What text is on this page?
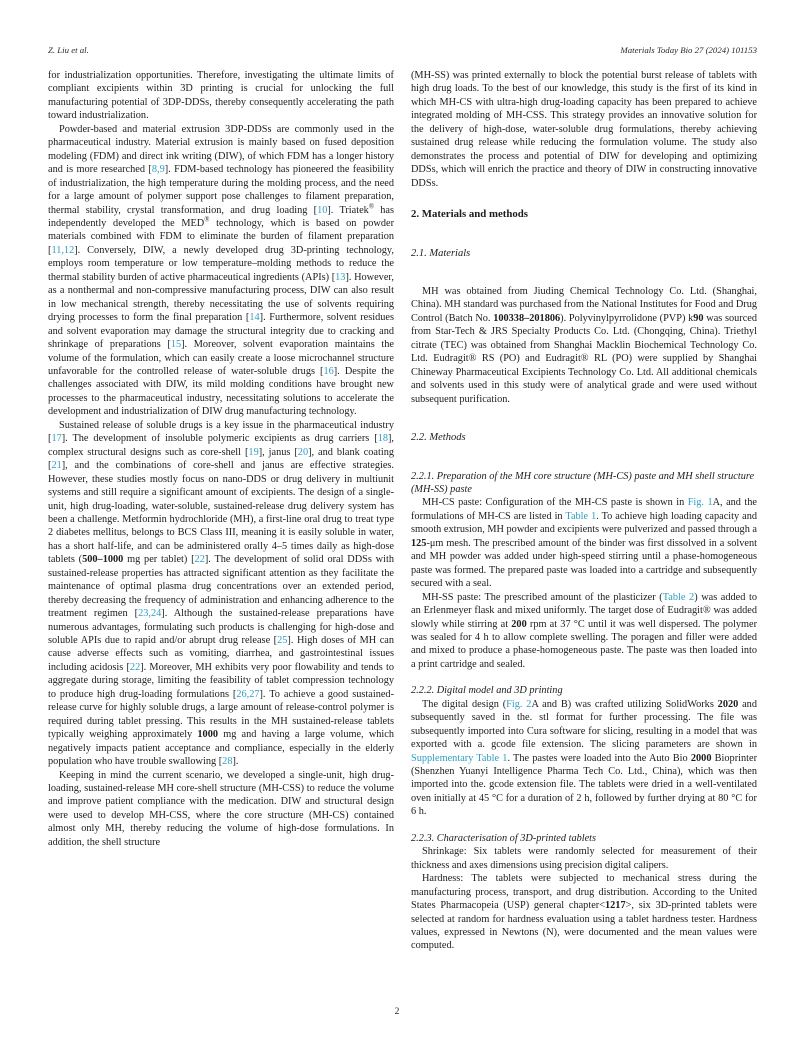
Z. Liu et al.	Materials Today Bio 27 (2024) 101153
for industrialization opportunities. Therefore, investigating the ultimate limits of compliant excipients within 3D printing is crucial for unlocking the full manufacturing potential of 3DP-DDSs, thereby consequently accelerating the path toward industrialization.
Powder-based and material extrusion 3DP-DDSs are commonly used in the pharmaceutical industry. Material extrusion is mainly based on fused deposition modeling (FDM) and direct ink writing (DIW), of which FDM has a longer history and is more researched [8,9]. FDM-based technology has pioneered the feasibility of industrialization, the high temperature during the molding process, and the need for a large amount of polymer support pose challenges to filament preparation, thermal stability, crystal transformation, and drug loading [10]. Triatek® has independently developed the MED® technology, which is based on powder materials combined with FDM to eliminate the burden of filament preparation [11,12]. Conversely, DIW, a newly developed drug 3D-printing technology, employs room temperature or low temperature–molding methods to reduce the thermal stability burden of active pharmaceutical ingredients (APIs) [13]. However, as a nonthermal and non-compressive manufacturing process, DIW can also result in low mechanical strength, thereby necessitating the use of solvents requiring drying processes to form the final preparation [14]. Furthermore, solvent residues and solvent evaporation may damage the structural integrity due to cracking and shrinkage of preparations [15]. Moreover, solvent evaporation maintains the volume of the formulation, which can easily create a loose microchannel structure unfavorable for the controlled release of water-soluble drugs [16]. Despite the challenges associated with DIW, its mild molding conditions have brought new processes to the pharmaceutical industry, necessitating solutions to accelerate the development and industrialization of DIW drug manufacturing technology.
Sustained release of soluble drugs is a key issue in the pharmaceutical industry [17]. The development of insoluble polymeric excipients as drug carriers [18], complex structural designs such as core-shell [19], janus [20], and blank coating [21], and the combinations of core-shell and janus are effective strategies. However, these studies mostly focus on nano-DDS or drug delivery in multiunit systems and still require a significant amount of excipients. The design of a single-unit, high drug-loading, water-soluble, sustained-release drug delivery system has been a challenge. Metformin hydrochloride (MH), a first-line oral drug to treat type 2 diabetes mellitus, belongs to BCS Class III, meaning it is easily soluble in water, has a short half-life, and can be administered orally 4–5 times daily as high-dose tablets (500–1000 mg per tablet) [22]. The development of solid oral DDSs with sustained-release properties has attracted significant attention as they facilitate the maintenance of optimal plasma drug concentrations over an extended period, thereby decreasing the frequency of administration and enhancing adherence to the treatment regimen [23,24]. Although the sustained-release preparations have numerous advantages, formulating such products is challenging for high-dose and soluble APIs due to rapid and/or abrupt drug release [25]. High doses of MH can cause adverse effects such as vomiting, diarrhea, and gastrointestinal issues including acidosis [22]. Moreover, MH exhibits very poor flowability and tends to aggregate during storage, limiting the feasibility of tablet compression technology to produce high drug-loading formulations [26,27]. To achieve a good sustained-release curve for highly soluble drugs, a large amount of release-control polymer is required during tablet pressing. This results in the MH sustained-release tablets typically weighing approximately 1000 mg and having a large volume, which negatively impacts patient acceptance and compliance, especially in the elderly population who have trouble swallowing [28].
Keeping in mind the current scenario, we developed a single-unit, high drug-loading, sustained-release MH core-shell structure (MH-CSS) to reduce the volume and improve patient compliance with the medication. DIW and structural design were used to develop MH-CSS, where the core structure (MH-CS) contained almost only MH, thereby reducing the volume of high-dose formulations. In addition, the shell structure
(MH-SS) was printed externally to block the potential burst release of tablets with high drug loads. To the best of our knowledge, this study is the first of its kind in which MH-CS with ultra-high drug-loading capacity has been prepared to achieve integrated molding of MH-CSS. This strategy provides an innovative solution for the delivery of high-dose, water-soluble drug formulations, thereby achieving sustained drug release while reducing the formulation volume. The study also demonstrates the process and potential of DIW for developing and optimizing DDSs, which will enrich the practice and theory of DIW in constructing innovative DDSs.
2. Materials and methods
2.1. Materials
MH was obtained from Jiuding Chemical Technology Co. Ltd. (Shanghai, China). MH standard was purchased from the National Institutes for Food and Drug Control (Batch No. 100338–201806). Polyvinylpyrrolidone (PVP) k90 was sourced from Star-Tech & JRS Specialty Products Co. Ltd. (Chongqing, China). Triethyl citrate (TEC) was obtained from Shanghai Macklin Biochemical Technology Co. Ltd. Eudragit® RS (PO) and Eudragit® RL (PO) were supplied by Shanghai Chineway Pharmaceutical Excipients Technology Co. Ltd. All additional chemicals and solvents used in this study were of analytical grade and were used without subsequent purification.
2.2. Methods
2.2.1. Preparation of the MH core structure (MH-CS) paste and MH shell structure (MH-SS) paste
MH-CS paste: Configuration of the MH-CS paste is shown in Fig. 1A, and the formulations of MH-CS are listed in Table 1. To achieve high loading capacity and smooth extrusion, MH powder and excipients were pulverized and passed through a 125-μm mesh. The prescribed amount of the binder was first dissolved in a solvent and MH powder was added under high-speed stirring until a phase-homogeneous paste was formed. The prepared paste was loaded into a cartridge and subsequently secured with a seal.
MH-SS paste: The prescribed amount of the plasticizer (Table 2) was added to an Erlenmeyer flask and mixed uniformly. The target dose of Eudragit® was added slowly while stirring at 200 rpm at 37 °C until it was well dispersed. The polymer was sealed for 4 h to allow complete swelling. The poragen and filler were added and mixed to produce a phase-homogeneous paste. The paste was then loaded into a print cartridge and sealed.
2.2.2. Digital model and 3D printing
The digital design (Fig. 2A and B) was crafted utilizing SolidWorks 2020 and subsequently saved in the. stl format for further processing. The file was subsequently imported into Cura software for slicing, resulting in a model that was exported with a. gcode file extension. The slicing parameters are shown in Supplementary Table 1. The pastes were loaded into the Auto Bio 2000 Bioprinter (Shenzhen Yuanyi Intelligence Pharma Tech Co. Ltd., China), which was then imported into the. gcode extension file. The tablets were dried in a well-ventilated oven initially at 45 °C for a duration of 2 h, followed by further drying at 80 °C for 6 h.
2.2.3. Characterisation of 3D-printed tablets
Shrinkage: Six tablets were randomly selected for measurement of their thickness and axes dimensions using precision digital calipers.
Hardness: The tablets were subjected to mechanical stress during the manufacturing process, transport, and drug distribution. According to the United States Pharmacopeia (USP) general chapter<1217>, six 3D-printed tablets were selected at random for hardness evaluation using a tablet hardness tester. Hardness values, expressed in Newtons (N), were documented and the mean values were computed.
2
